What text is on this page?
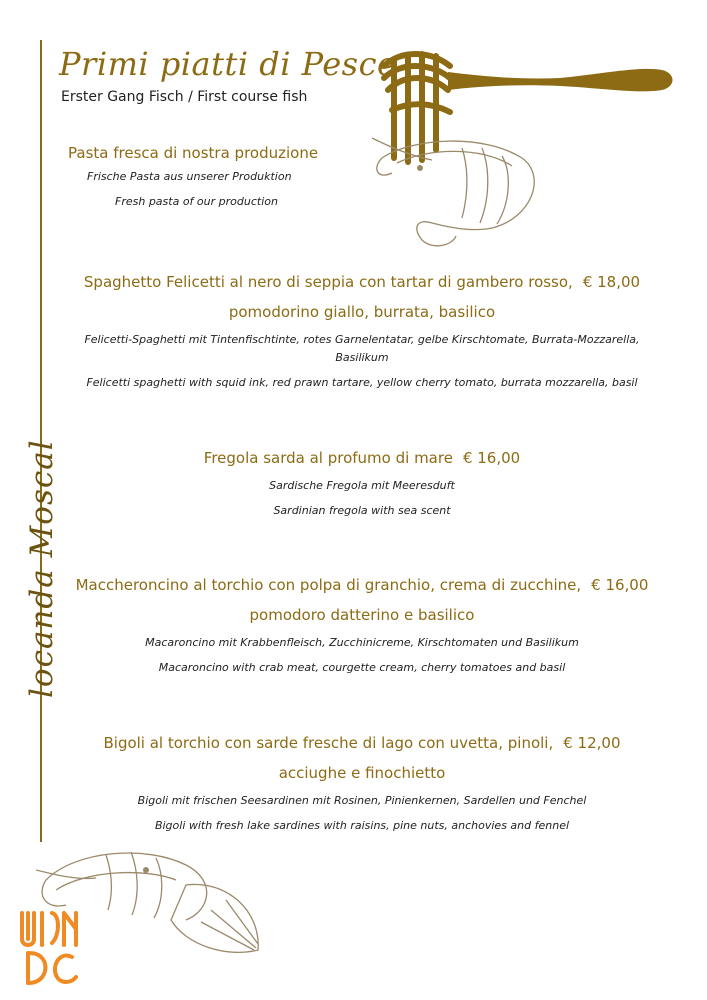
locanda Moscal
Primi piatti di Pesce
Erster Gang Fisch / First course fish
Pasta fresca di nostra produzione
Frische Pasta aus unserer Produktion
Fresh pasta of our production
Spaghetto Felicetti al nero di seppia con tartar di gambero rosso, € 18,00
pomodorino giallo, burrata, basilico
Felicetti-Spaghetti mit Tintenfischtinte, rotes Garnelentatar, gelbe Kirschtomate, Burrata-Mozzarella, Basilikum
Felicetti spaghetti with squid ink, red prawn tartare, yellow cherry tomato, burrata mozzarella, basil
Fregola sarda al profumo di mare € 16,00
Sardische Fregola mit Meeresduft
Sardinian fregola with sea scent
Maccheroncino al torchio con polpa di granchio, crema di zucchine, € 16,00
pomodoro datterino e basilico
Macaroncino mit Krabbenfleisch, Zucchinicreme, Kirschtomaten und Basilikum
Macaroncino with crab meat, courgette cream, cherry tomatoes and basil
Bigoli al torchio con sarde fresche di lago con uvetta, pinoli, € 12,00
acciughe e finochietto
Bigoli mit frischen Seesardinen mit Rosinen, Pinienkernen, Sardellen und Fenchel
Bigoli with fresh lake sardines with raisins, pine nuts, anchovies and fennel
